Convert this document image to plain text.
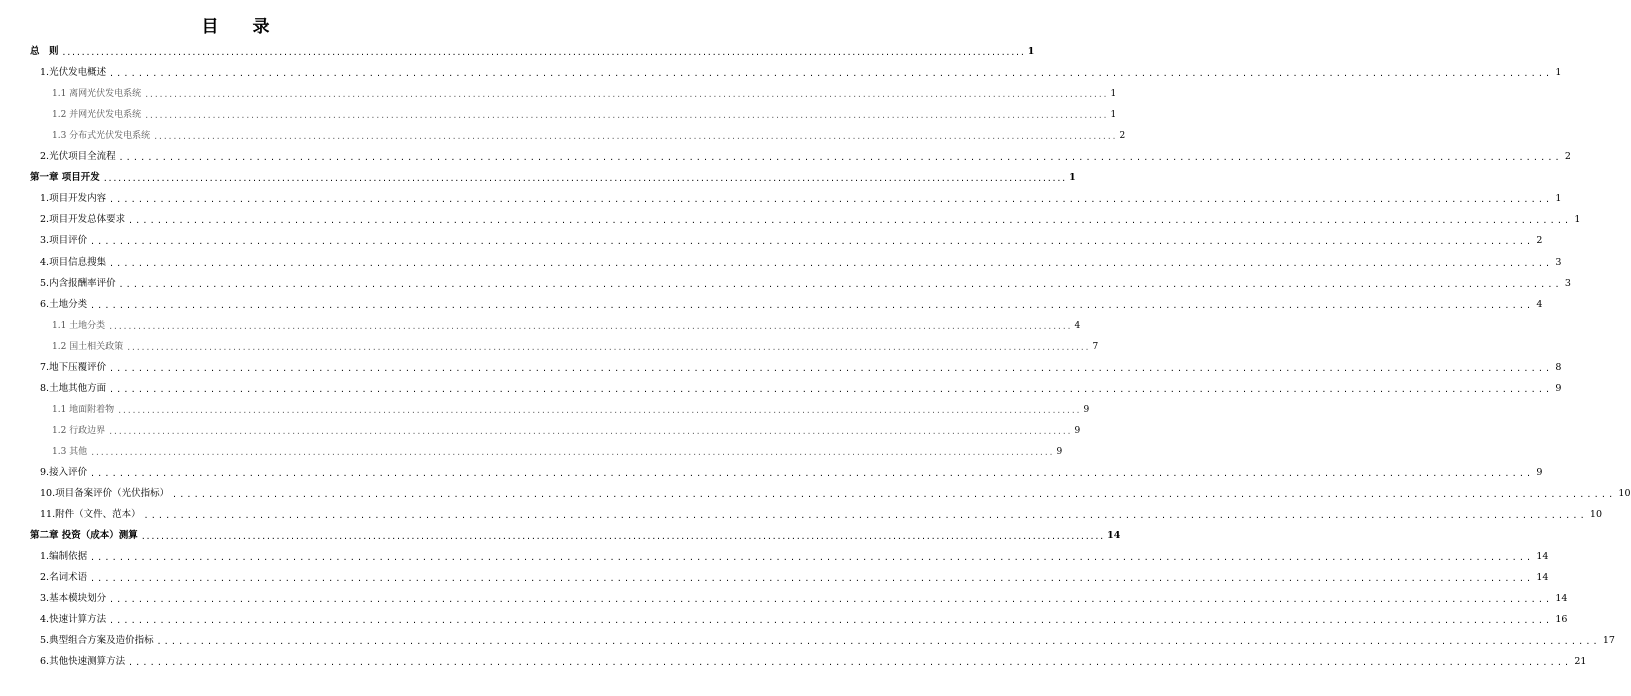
目 录
总　则 ........................................................................................................................................................................................................ 1
1. 光伏发电概述 ........................................................................................................................................................................................................ 1
1.1 离网光伏发电系统 ........................................................................................................................................................................................................ 1
1.2 并网光伏发电系统 ........................................................................................................................................................................................................ 1
1.3 分布式光伏发电系统 ........................................................................................................................................................................................................ 2
2. 光伏项目全流程 ........................................................................................................................................................................................................ 2
第一章 项目开发 ........................................................................................................................................................................................................ 1
1. 项目开发内容 ........................................................................................................................................................................................................ 1
2. 项目开发总体要求 ........................................................................................................................................................................................................ 1
3. 项目评价 ........................................................................................................................................................................................................ 2
4. 项目信息搜集 ........................................................................................................................................................................................................ 3
5. 内含报酬率评价 ........................................................................................................................................................................................................ 3
6. 土地分类 ........................................................................................................................................................................................................ 4
1.1 土地分类 ........................................................................................................................................................................................................ 4
1.2 国土相关政策 ........................................................................................................................................................................................................ 7
7. 地下压覆评价 ........................................................................................................................................................................................................ 8
8. 土地其他方面 ........................................................................................................................................................................................................ 9
1.1 地面附着物 ........................................................................................................................................................................................................ 9
1.2 行政边界 ........................................................................................................................................................................................................ 9
1.3 其他 ........................................................................................................................................................................................................ 9
9. 接入评价 ........................................................................................................................................................................................................ 9
10. 项目备案评价（光伏指标） ........................................................................................................................................................................................................ 10
11. 附件（文件、范本） ........................................................................................................................................................................................................ 10
第二章 投资（成本）测算 ........................................................................................................................................................................................................ 14
1. 编制依据 ........................................................................................................................................................................................................ 14
2. 名词术语 ........................................................................................................................................................................................................ 14
3. 基本模块划分 ........................................................................................................................................................................................................ 14
4. 快速计算方法 ........................................................................................................................................................................................................ 16
5. 典型组合方案及造价指标 ........................................................................................................................................................................................................ 17
6. 其他快速测算方法 ........................................................................................................................................................................................................ 21
